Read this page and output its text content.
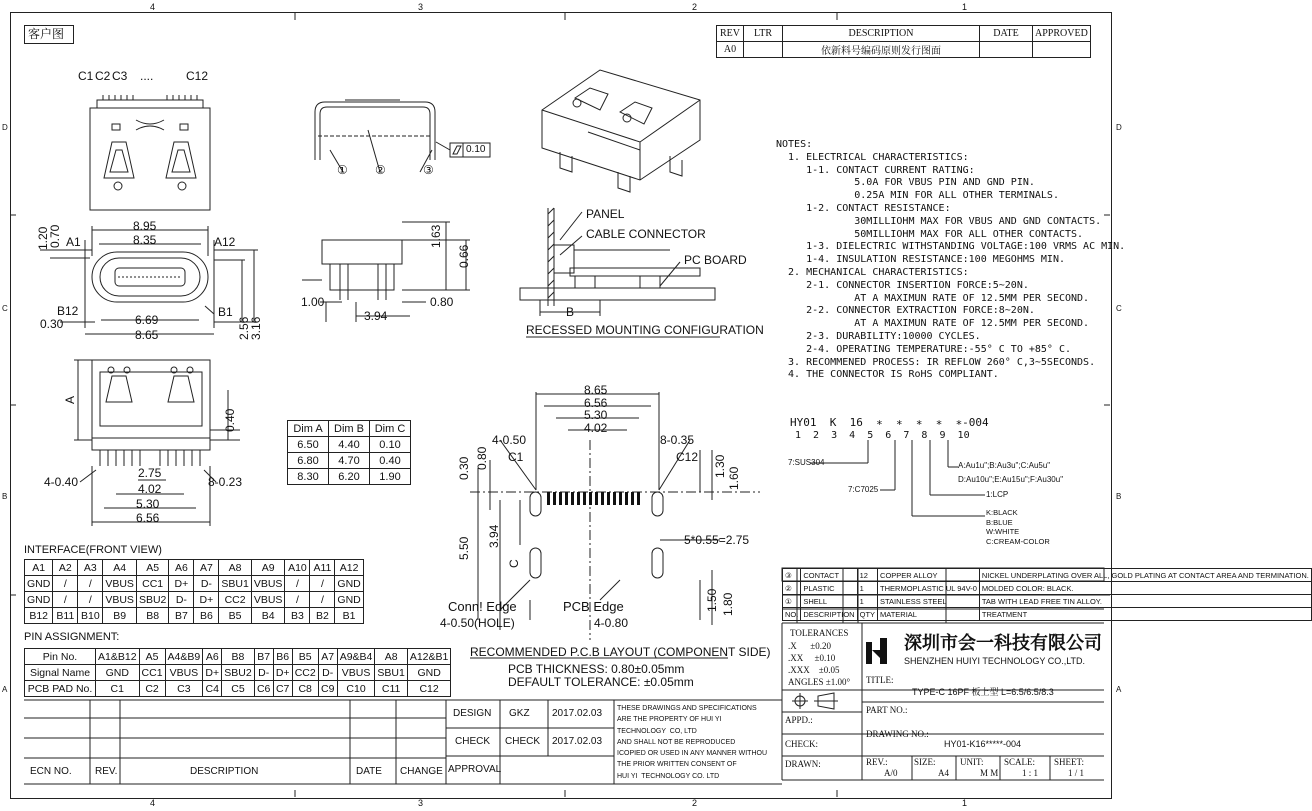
4	3	2	1
4	3	2	1
D
C
B
A
D
C
B
A
客户图	REV	LTR	DESCRIPTION	DATE	APPROVED
A0		依新料号编码原则发行图面		
C1 C2 C3 ....	C12
① ②	③
0.10
8.95
8.35
1.20
0.70 A1	A12
B12	B1
0.30	6.69
8.65	2.56
3.16
1.63
0.66
1.00
3.94
0.80
PANEL
CABLE CONNECTOR
PC BOARD
B
RECESSED MOUNTING CONFIGURATION
A
0.40
2.75
4-0.40	8-0.23
4.02
5.30
6.56
Dim A	Dim B	Dim C
6.50	4.40	0.10
6.80	4.70	0.40
8.30	6.20	1.90
8.65
6.56
5.30
4.02
4-0.50	8-0.35
C1	C12
0.30 0.80	1.30
1.60
5.50
3.94
C
5*0.55=2.75
1.50 1.80
Conn! Edge	PCB Edge
4-0.50(HOLE)	4-0.80
RECOMMENDED P.C.B LAYOUT (COMPONENT SIDE)
PCB THICKNESS: 0.80±0.05mm
DEFAULT TOLERANCE: ±0.05mm
NOTES:
1. ELECTRICAL CHARACTERISTICS:
1-1. CONTACT CURRENT RATING:
5.0A FOR VBUS PIN AND GND PIN.
0.25A MIN FOR ALL OTHER TERMINALS.
1-2. CONTACT RESISTANCE:
30MILLIOHM MAX FOR VBUS AND GND CONTACTS.
50MILLIOHM MAX FOR ALL OTHER CONTACTS.
1-3. DIELECTRIC WITHSTANDING VOLTAGE:100 VRMS AC MIN.
1-4. INSULATION RESISTANCE:100 MEGOHMS MIN.
2. MECHANICAL CHARACTERISTICS:
2-1. CONNECTOR INSERTION FORCE:5~20N.
AT A MAXIMUN RATE OF 12.5MM PER SECOND.
2-2. CONNECTOR EXTRACTION FORCE:8~20N.
AT A MAXIMUN RATE OF 12.5MM PER SECOND.
2-3. DURABILITY:10000 CYCLES.
2-4. OPERATING TEMPERATURE:-55° C TO +85° C.
3. RECOMMENED PROCESS: IR REFLOW 260° C,3~5SECONDS.
4. THE CONNECTOR IS RoHS COMPLIANT.
HY01  K  16  ∗  ∗  ∗  ∗  ∗-004
1  2  3  4  5  6  7  8  9  10
7:SUS304
7:C7025
1:LCP
K:BLACK
B:BLUE
W:WHITE
C:CREAM-COLOR
A:Au1u";B:Au3u";C:Au5u"
D:Au10u";E:Au15u";F:Au30u"
INTERFACE(FRONT VIEW)
A1	A2	A3	A4	A5	A6	A7	A8	A9	A10	A11	A12
GND	/	/	VBUS	CC1	D+	D-	SBU1	VBUS	/	/	GND
GND	/	/	VBUS	SBU2	D-	D+	CC2	VBUS	/	/	GND
B12	B11	B10	B9	B8	B7	B6	B5	B4	B3	B2	B1
PIN ASSIGNMENT:
Pin No.	A1&B12	A5	A4&B9	A6	B8	B7	B6	B5	A7	A9&B4	A8	A12&B1
Signal Name	GND	CC1	VBUS	D+	SBU2	D-	D+	CC2	D-	VBUS	SBU1	GND
PCB PAD No.	C1	C2	C3	C4	C5	C6	C7	C8	C9	C10	C11	C12
③	CONTACT	12	COPPER ALLOY	NICKEL UNDERPLATING OVER ALL, GOLD PLATING AT CONTACT AREA AND TERMINATION.
②	PLASTIC	1	THERMOPLASTIC UL 94V-0	MOLDED COLOR: BLACK.
①	SHELL	1	STAINLESS STEEL	TAB WITH LEAD FREE TIN ALLOY.
NO.	DESCRIPTION	QTY	MATERIAL	TREATMENT
TOLERANCES
.X      ±0.20
.XX     ±0.10
.XXX    ±0.05
ANGLES ±1.00°
深圳市会一科技有限公司
SHENZHEN HUIYI TECHNOLOGY CO.,LTD.
TITLE:
TYPE-C 16PF 板上型 L=6.5/6.5/8.3
PART NO.:
APPD.:
CHECK:
DRAWN:
DRAWING NO.:
HY01-K16*****-004
REV.:
A/0
SIZE:
A4
UNIT:
M M
SCALE:
1 : 1
SHEET:
1 / 1
DESIGN GKZ 2017.02.03
CHECK CHECK 2017.02.03
APPROVAL
THESE DRAWINGS AND SPECIFICATIONS
ARE THE PROPERTY OF HUI YI
TECHNOLOGY  CO, LTD
AND SHALL NOT BE REPRODUCED
ICOPIED OR USED IN ANY MANNER WITHOU
THE PRIOR WRITTEN CONSENT OF
HUI YI  TECHNOLOGY CO. LTD
ECN NO. REV.	DESCRIPTION	DATE CHANGE
